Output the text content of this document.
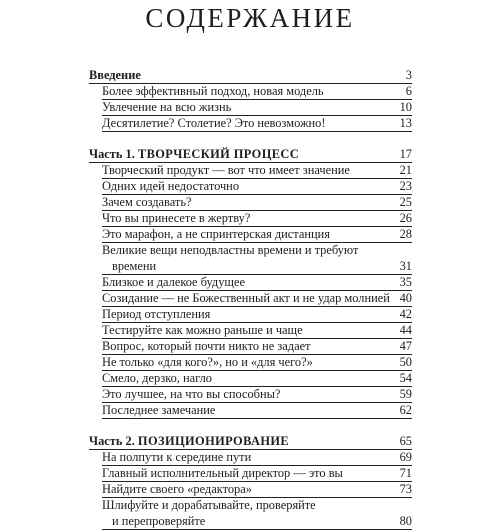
СОДЕРЖАНИЕ
Введение	3
Более эффективный подход, новая модель	6
Увлечение на всю жизнь	10
Десятилетие? Столетие? Это невозможно!	13
Часть 1. ТВОРЧЕСКИЙ ПРОЦЕСС	17
Творческий продукт — вот что имеет значение	21
Одних идей недостаточно	23
Зачем создавать?	25
Что вы принесете в жертву?	26
Это марафон, а не спринтерская дистанция	28
Великие вещи неподвластны времени и требуют
времени	31
Близкое и далекое будущее	35
Созидание — не Божественный акт и не удар молнией 40
Период отступления	42
Тестируйте как можно раньше и чаще	44
Вопрос, который почти никто не задает	47
Не только «для кого?», но и «для чего?»	50
Смело, дерзко, нагло	54
Это лучшее, на что вы способны?	59
Последнее замечание	62
Часть 2. ПОЗИЦИОНИРОВАНИЕ	65
На полпути к середине пути	69
Главный исполнительный директор — это вы	71
Найдите своего «редактора»	73
Шлифуйте и дорабатывайте, проверяйте
и перепроверяйте	80
